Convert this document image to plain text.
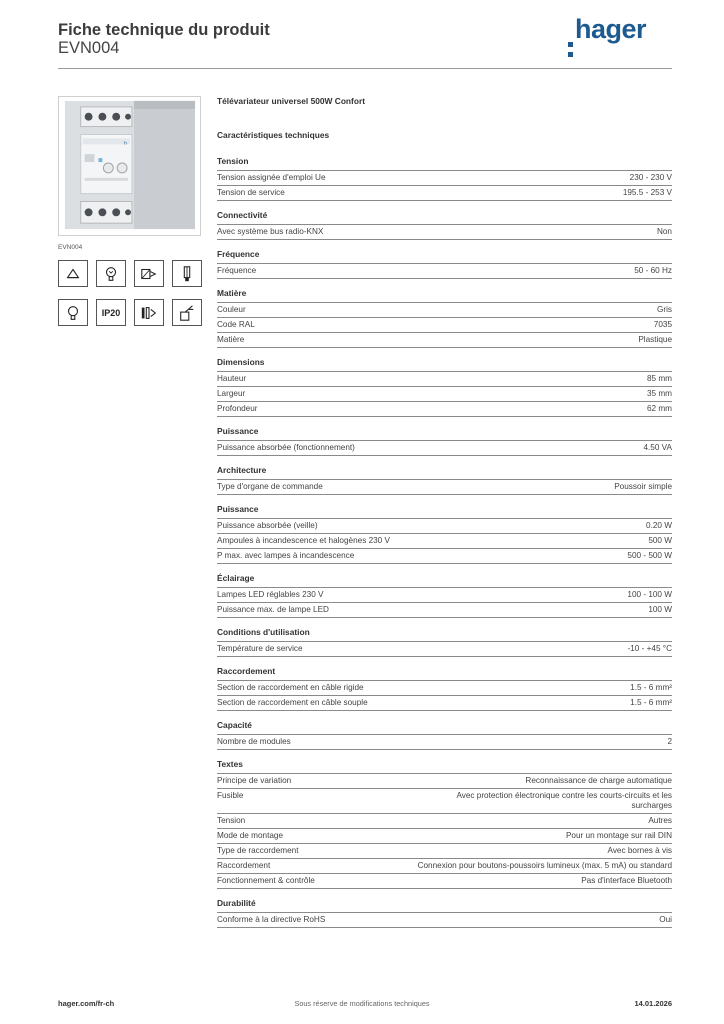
Fiche technique du produit
EVN004
hager
h
EVN004
IP20
Télévariateur universel 500W Confort
Caractéristiques techniques
Tension
Tension assignée d'emploi Ue	230 - 230 V
Tension de service	195.5 - 253 V
Connectivité
Avec système bus radio-KNX	Non
Fréquence
Fréquence	50 - 60 Hz
Matière
Couleur	Gris
Code RAL	7035
Matière	Plastique
Dimensions
Hauteur	85 mm
Largeur	35 mm
Profondeur	62 mm
Puissance
Puissance absorbée (fonctionnement)	4.50 VA
Architecture
Type d'organe de commande	Poussoir simple
Puissance
Puissance absorbée (veille)	0.20 W
Ampoules à incandescence et halogènes 230 V	500 W
P max. avec lampes à incandescence	500 - 500 W
Éclairage
Lampes LED réglables 230 V	100 - 100 W
Puissance max. de lampe LED	100 W
Conditions d'utilisation
Température de service	-10 - +45 °C
Raccordement
Section de raccordement en câble rigide	1.5 - 6 mm²
Section de raccordement en câble souple	1.5 - 6 mm²
Capacité
Nombre de modules	2
Textes
Principe de variation	Reconnaissance de charge automatique
Fusible	Avec protection électronique contre les courts-circuits et les surcharges
Tension	Autres
Mode de montage	Pour un montage sur rail DIN
Type de raccordement	Avec bornes à vis
Raccordement	Connexion pour boutons-poussoirs lumineux (max. 5 mA) ou standard
Fonctionnement & contrôle	Pas d'interface Bluetooth
Durabilité
Conforme à la directive RoHS	Oui
hager.com/fr-ch	Sous réserve de modifications techniques	14.01.2026
